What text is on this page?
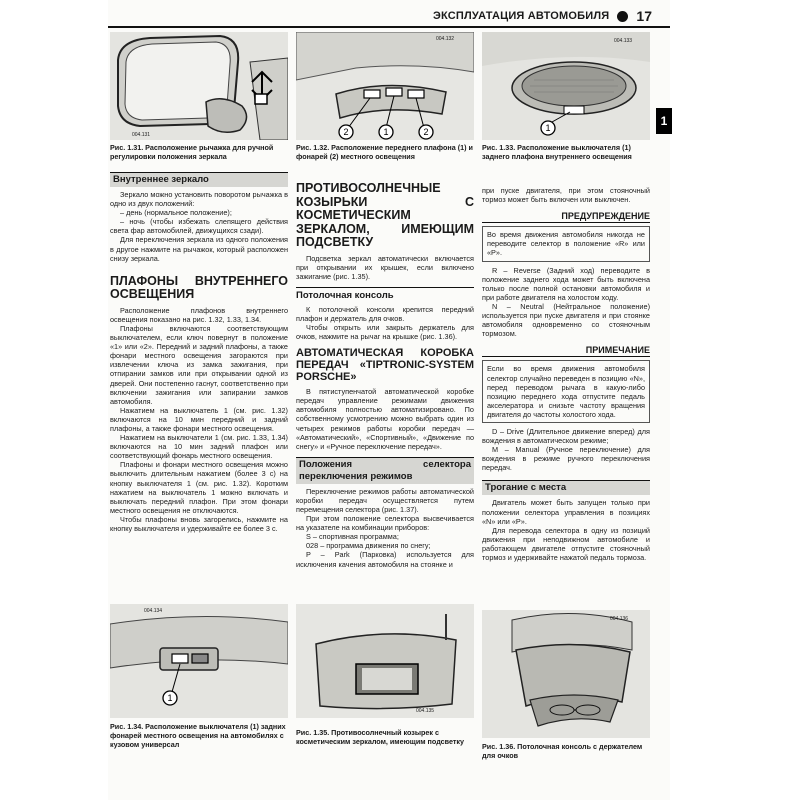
ЭКСПЛУАТАЦИЯ АВТОМОБИЛЯ 17
004.131
Рис. 1.31. Расположение рычажка для ручной регулировки положения зеркала
2	1	2
004.132
Рис. 1.32. Расположение переднего плафона (1) и фонарей (2) местного освещения
1
004.133
Рис. 1.33. Расположение выключателя (1) заднего плафона внутреннего освещения
Внутреннее зеркало

Зеркало можно установить поворотом рычажка в одно из двух положений:

– день (нормальное положение);

– ночь (чтобы избежать слепящего действия света фар автомобилей, движущихся сзади).

Для переключения зеркала из одного положения в другое нажмите на рычажок, который расположен снизу зеркала.

ПЛАФОНЫ ВНУТРЕННЕГО ОСВЕЩЕНИЯ

Расположение плафонов внутреннего освещения показано на рис. 1.32, 1.33, 1.34.

Плафоны включаются соответствующим выключателем, если ключ повернут в положение «1» или «2». Передний и задний плафоны, а также фонари местного освещения загораются при извлечении ключа из замка зажигания, при отпирании замков или при открывании одной из дверей. Они постепенно гаснут, соответственно при включении зажигания или запирании замков автомобиля.

Нажатием на выключатель 1 (см. рис. 1.32) включаются на 10 мин передний и задний плафоны, а также фонари местного освещения.

Нажатием на выключатели 1 (см. рис. 1.33, 1.34) включаются на 10 мин задний плафон или соответствующий фонарь местного освещения.

Плафоны и фонари местного освещения можно выключить длительным нажатием (более 3 с) на кнопку выключателя 1 (см. рис. 1.32). Коротким нажатием на выключатель 1 можно включать и выключать передний плафон. При этом фонари местного освещения не отключаются.

Чтобы плафоны вновь загорелись, нажмите на кнопку выключателя и удерживайте ее более 3 с.

ПРОТИВОСОЛНЕЧНЫЕ КОЗЫРЬКИ С КОСМЕТИЧЕСКИМ ЗЕРКАЛОМ, ИМЕЮЩИМ ПОДСВЕТКУ

Подсветка зеркал автоматически включается при открывании их крышек, если включено зажигание (рис. 1.35).

Потолочная консоль

К потолочной консоли крепится передний плафон и держатель для очков.

Чтобы открыть или закрыть держатель для очков, нажмите на рычаг на крышке (рис. 1.36).

АВТОМАТИЧЕСКАЯ КОРОБКА ПЕРЕДАЧ «TIPTRONIC-SYSTEM PORSCHE»

В пятиступенчатой автоматической коробке передач управление режимами движения автомобиля полностью автоматизировано. По собственному усмотрению можно выбрать один из четырех режимов работы коробки передач — «Автоматический», «Спортивный», «Движение по снегу» и «Ручное переключение передач».

Положения селектора переключения режимов

Переключение режимов работы автоматической коробки передач осуществляется путем перемещения селектора (рис. 1.37).

При этом положение селектора высвечивается на указателе на комбинации приборов:

S – спортивная программа;

028 – программа движения по снегу;

P – Park (Парковка) используется для исключения качения автомобиля на стоянке и

при пуске двигателя, при этом стояночный тормоз может быть включен или выключен.

ПРЕДУПРЕЖДЕНИЕ
Во время движения автомобиля никогда не переводите селектор в положение «R» или «P».

R – Reverse (Задний ход) переводите в положение заднего хода может быть включена только после полной остановки автомобиля и при работе двигателя на холостом ходу.

N – Neutral (Нейтральное положение) используется при пуске двигателя и при стоянке автомобиля одновременно со стояночным тормозом.

ПРИМЕЧАНИЕ
Если во время движения автомобиля селектор случайно переведен в позицию «N», перед переводом рычага в какую-либо позицию переднего хода отпустите педаль акселератора и снизьте частоту вращения двигателя до частоты холостого хода.

D – Drive (Длительное движение вперед) для вождения в автоматическом режиме;

M – Manual (Ручное переключение) для вождения в режиме ручного переключения передач.

Трогание с места

Двигатель может быть запущен только при положении селектора управления в позициях «N» или «P».

Для перевода селектора в одну из позиций движения при неподвижном автомобиле и работающем двигателе отпустите стояночный тормоз и удерживайте нажатой педаль тормоза.

1
004.134
Рис. 1.34. Расположение выключателя (1) задних фонарей местного освещения на автомобилях с кузовом универсал
004.135
Рис. 1.35. Противосолнечный козырек с косметическим зеркалом, имеющим подсветку
004.136
Рис. 1.36. Потолочная консоль с держателем для очков
1
